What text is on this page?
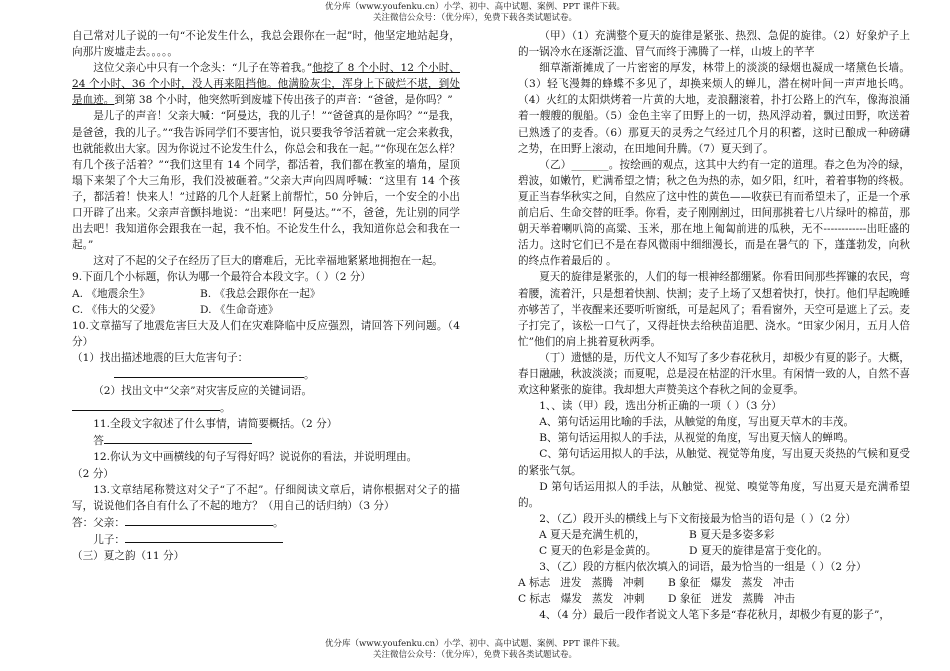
优分库（www.youfenku.cn）小学、初中、高中试题、案例、PPT 课件下载。
关注微信公众号：（优分库），免费下载各类试题试卷。

自己常对儿子说的一句“不论发生什么，我总会跟你在一起”时，他坚定地站起身，向那片废墟走去。。。。。

这位父亲心中只有一个念头：“儿子在等着我。”他挖了 8 个小时、12 个小时、24 个小时、36 个小时，没人再来阻挡他。他满脸灰尘，浑身上下破烂不堪，到处是血迹。到第 38 个小时，他突然听到废墟下传出孩子的声音：“爸爸，是你吗？”

是儿子的声音！父亲大喊：“阿曼达，我的儿子！”“爸爸真的是你吗？”“是我，是爸爸，我的儿子。”“我告诉同学们不要害怕，说只要我爷爷活着就一定会来救我，也就能救出大家。因为你说过不论发生什么，你总会和我在一起。”“你现在怎么样？有几个孩子活着？”“我们这里有 14 个同学，都活着，我们都在教室的墙角，屋顶塌下来架了个大三角形，我们没被砸着。”父亲大声向四周呼喊：“这里有 14 个孩子，都活着！快来人！”过路的几个人赶紧上前帮忙，50 分钟后，一个安全的小出口开辟了出来。父亲声音颤抖地说：“出来吧！阿曼达。”“不，爸爸，先让别的同学出去吧！我知道你会跟我在一起，我不怕。不论发生什么，我知道你总会和我在一起。”

这对了不起的父子在经历了巨大的磨难后，无比幸福地紧紧地拥抱在一起。

9.下面几个小标题，你认为哪一个最符合本段文字。（ ）（2 分）

A. 《地震余生》	B. 《我总会跟你在一起》
C. 《伟大的父爱》	D. 《生命奇迹》

10.文章描写了地震危害巨大及人们在灾难降临中反应强烈，请回答下列问题。（4 分）

（1）找出描述地震的巨大危害句子：

。

（2）找出文中“父亲”对灾害反应的关键词语。

。

11.全段文字叙述了什么事情，请简要概括。（2 分）

答

12.你认为文中画横线的句子写得好吗？说说你的看法，并说明理由。

（2 分）

13.文章结尾称赞这对父子“了不起”。仔细阅读文章后，请你根据对父子的描写，说说他们各自有什么了不起的地方？（用自己的话归纳）（3 分）

答：父亲：	。

儿子：

（三）夏之韵（11 分）

（甲）（1）充满整个夏天的旋律是紧张、热烈、急促的旋律。（2）好象炉子上的一锅冷水在逐渐泛滥、冒气而终于沸腾了一样，山坡上的芊芊

细草渐渐摊成了一片密密的厚发，林带上的淡淡的绿烟也凝成一堵黛色长墙。（3）轻飞漫舞的蜂蝶不多见了，却换来烦人的蝉儿，潜在树叶间一声声地长鸣。（4）火红的太阳烘烤着一片黄的大地，麦浪翻滚着，扑打公路上的汽车，像海浪涌着一艘艘的舰船。（5）金色主宰了田野上的一切，热风浮动着，飘过田野，吹送着已熟透了的麦香。（6）那夏天的灵秀之气经过几个月的积蓄，这时已酿成一种磅礴之势，在田野上滚动，在田地间升腾。（7）夏天到了。

（乙）_______。按绘画的观点，这其中大约有一定的道理。春之色为冷的绿，碧波，如嫩竹，贮满希望之情；秋之色为热的赤，如夕阳，红叶，着着事物的终极。夏正当春华秋实之间，自然应了这中性的黄色——收获已有而希望未了，正是一个承前启后、生命交替的旺季。你看，麦子刚刚割过，田间那挑着七八片绿叶的棉苗，那朝天举着喇叭筒的高粱、玉米，那在地上匍匐前进的瓜秧，无不------------出旺盛的活力。这时它们已不是在春风微雨中细细漫长，而是在暑气的 下，蓬蓬勃发，向秋的终点作着最后的 。

夏天的旋律是紧张的，人们的每一根神经都绷紧。你看田间那些挥镰的农民，弯着腰，流着汗，只是想着快割、快割；麦子上场了又想着快打，快打。他们早起晚睡亦够苦了，半夜醒来还要听听窗纸，可是起风了；看看窗外，天空可是遮上了云。麦子打完了，该松一口气了，又得赶快去给秧苗追肥、浇水。“田家少闲月，五月人倍忙”他们的肩上挑着夏秋两季。

（丁）遗憾的是，历代文人不知写了多少春花秋月，却极少有夏的影子。大概，春日融融，秋波淡淡；而夏呢，总是浸在枯涩的汗水里。有闲情一致的人，自然不喜欢这种紧张的旋律。我却想大声赞美这个春秋之间的金夏季。

1、、读（甲）段，选出分析正确的一项（ ）（3 分）

A、第句话运用比喻的手法，从触觉的角度，写出夏天草木的丰茂。

B、第句话运用拟人的手法，从视觉的角度，写出夏天恼人的蝉鸣。

C、第句话运用拟人的手法，从触觉、视觉等角度，写出夏天炎热的气候和夏受的紧张气氛。

D 第句话运用拟人的手法，从触觉、视觉、嗅觉等角度，写出夏天是充满希望的。

2、（乙）段开头的横线上与下文衔接最为恰当的语句是（ ）（2 分）

A 夏天是充满生机的，	B 夏天是多姿多彩
C 夏天的色彩是金黄的。	D 夏天的旋律是富于变化的。

3、（乙）段的方框内依次填入的词语，最为恰当的一组是（ ）（2 分）

A 标志   进发   蒸腾   冲刺	B 象征   爆发   蒸发   冲击
C 标志   爆发   蒸发   冲刺	D 象征   迸发   蒸腾   冲击

4、（4 分）最后一段作者说文人笔下多是“春花秋月，却极少有夏的影子”，

优分库（www.youfenku.cn）小学、初中、高中试题、案例、PPT 课件下载。
关注微信公众号：（优分库），免费下载各类试题试卷。
